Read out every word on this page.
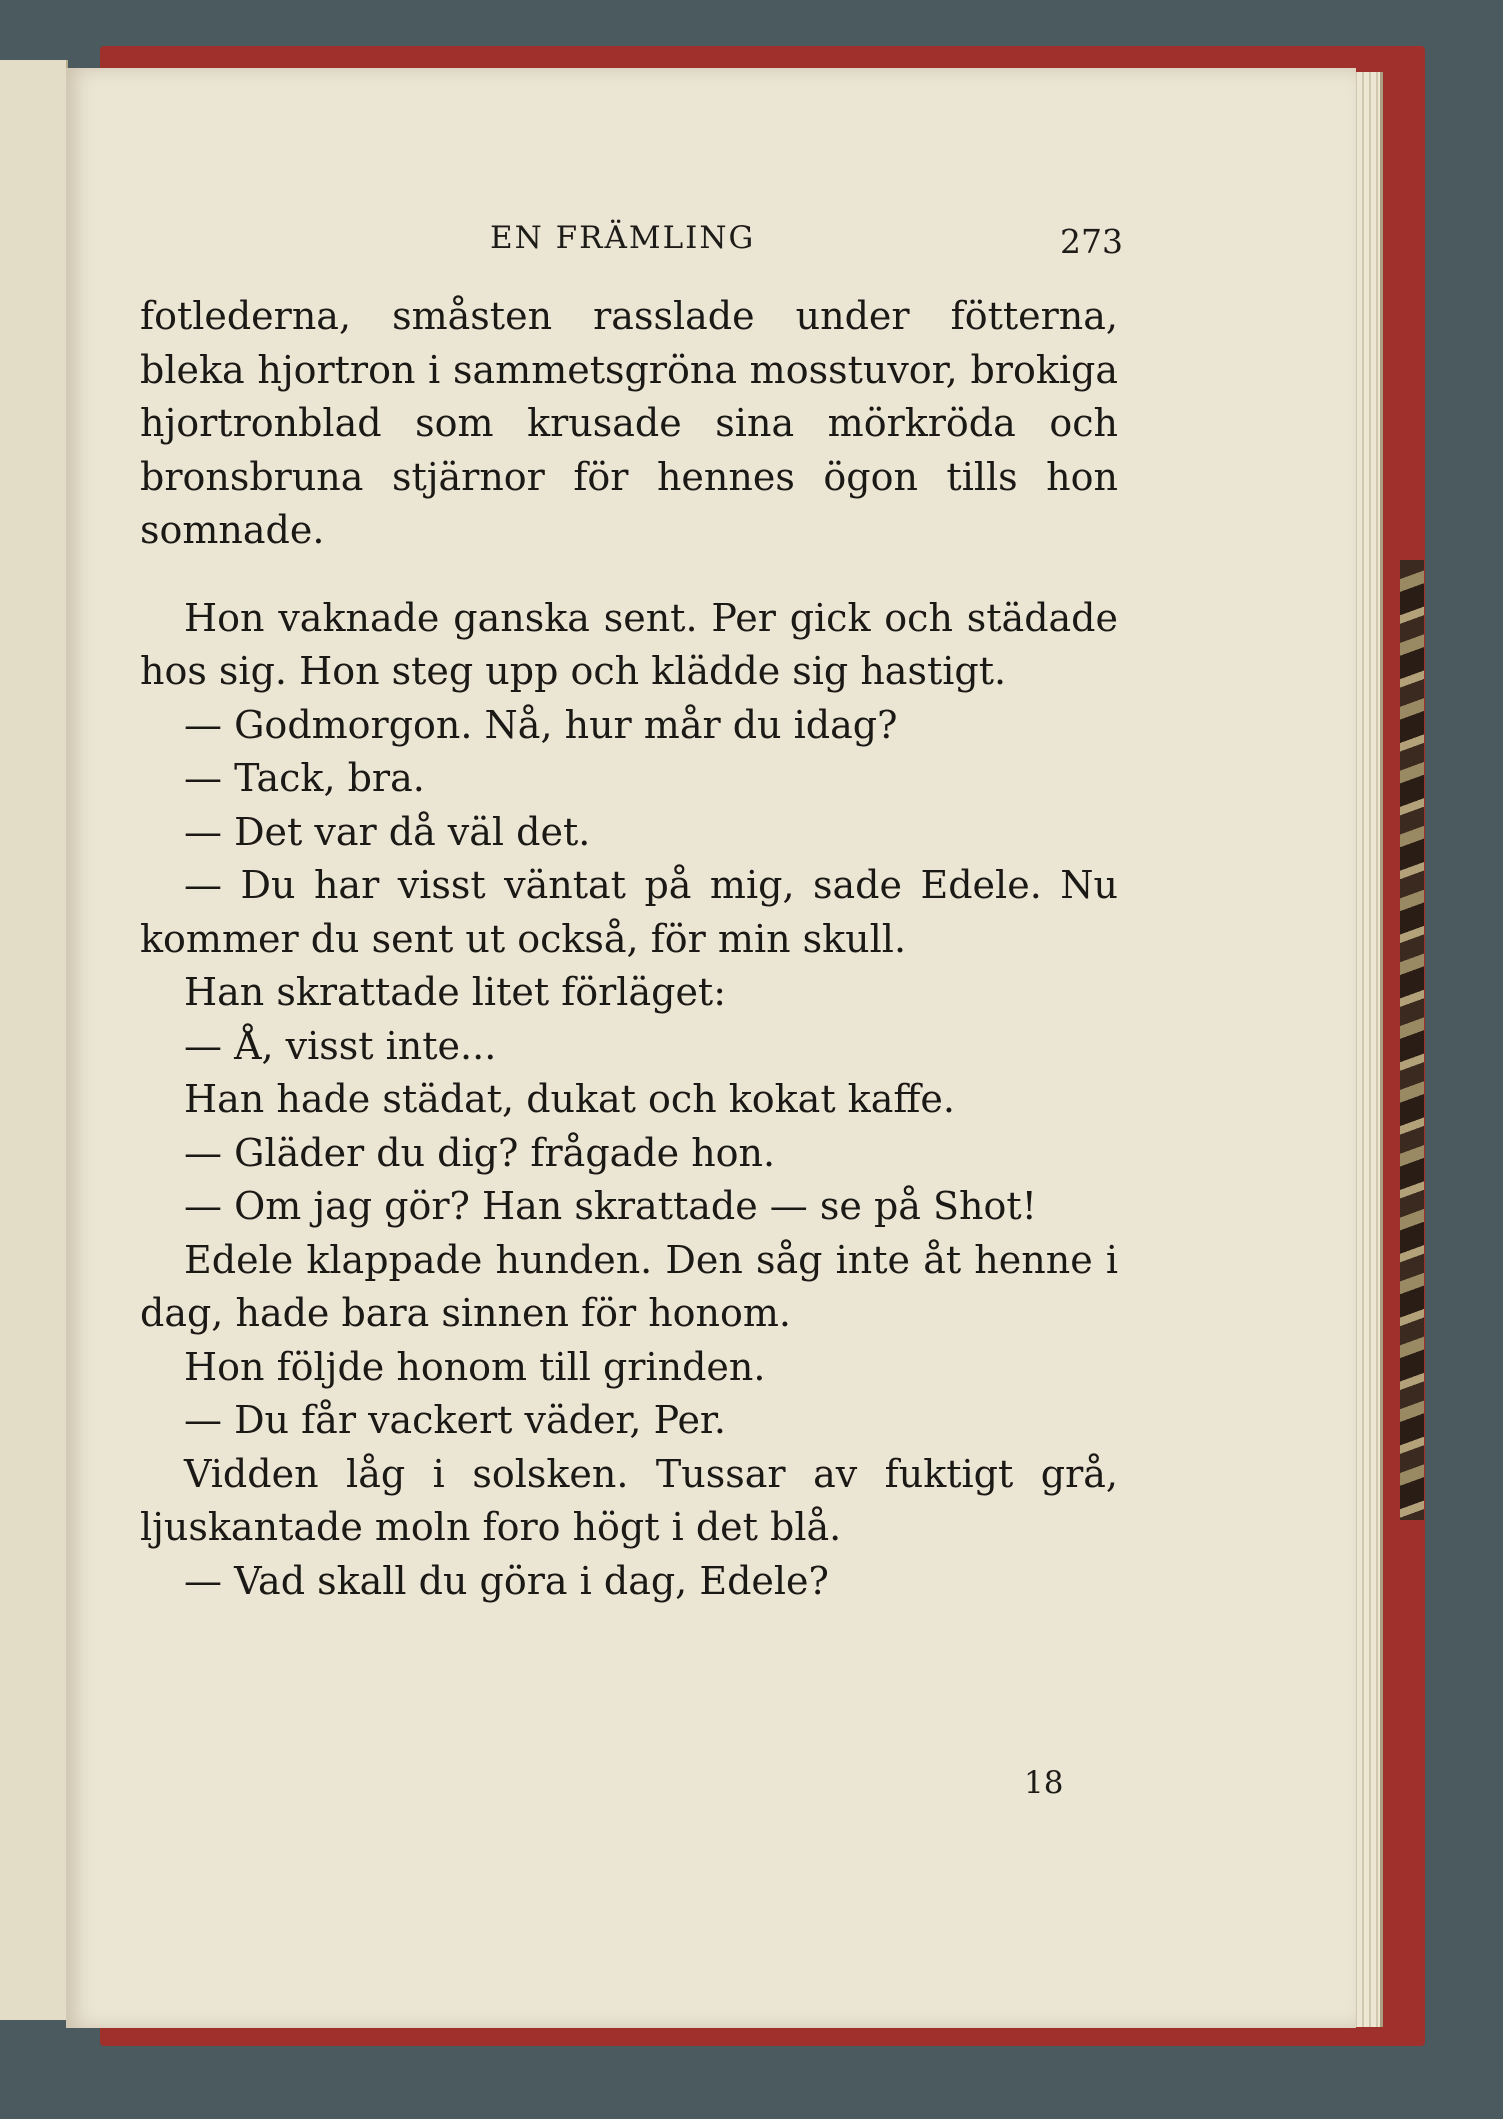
EN FRÄMLING	273

fotlederna, småsten rasslade under fötterna, bleka hjortron i sammetsgröna mosstuvor, brokiga hjortronblad som krusade sina mörkröda och bronsbruna stjärnor för hennes ögon tills hon somnade.

Hon vaknade ganska sent. Per gick och städade hos sig. Hon steg upp och klädde sig hastigt.

— Godmorgon. Nå, hur mår du idag?

— Tack, bra.

— Det var då väl det.

— Du har visst väntat på mig, sade Edele. Nu kommer du sent ut också, för min skull.

Han skrattade litet förläget:

— Å, visst inte...

Han hade städat, dukat och kokat kaffe.

— Gläder du dig? frågade hon.

— Om jag gör? Han skrattade — se på Shot!

Edele klappade hunden. Den såg inte åt henne i dag, hade bara sinnen för honom.

Hon följde honom till grinden.

— Du får vackert väder, Per.

Vidden låg i solsken. Tussar av fuktigt grå, ljuskantade moln foro högt i det blå.

— Vad skall du göra i dag, Edele?

18
